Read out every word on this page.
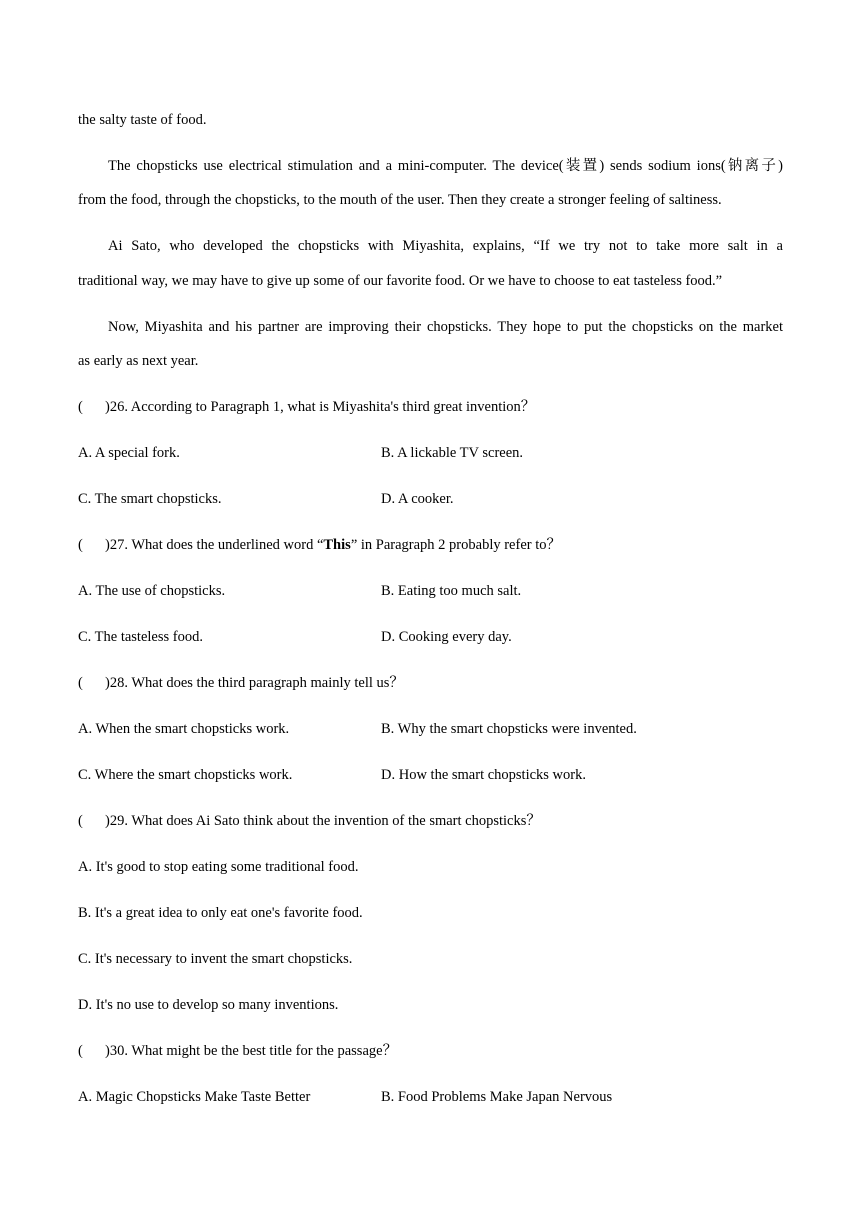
the salty taste of food.
The chopsticks use electrical stimulation and a mini-computer. The device(装置) sends sodium ions(钠离子)
from the food, through the chopsticks, to the mouth of the user. Then they create a stronger feeling of saltiness.
Ai Sato, who developed the chopsticks with Miyashita, explains, “If we try not to take more salt in a
traditional way, we may have to give up some of our favorite food. Or we have to choose to eat tasteless food.”
Now, Miyashita and his partner are improving their chopsticks. They hope to put the chopsticks on the market
as early as next year.
( )26. According to Paragraph 1, what is Miyashita's third great invention？
A. A special fork.	B. A lickable TV screen.
C. The smart chopsticks.	D. A cooker.
( )27. What does the underlined word “This” in Paragraph 2 probably refer to？
A. The use of chopsticks.	B. Eating too much salt.
C. The tasteless food.	D. Cooking every day.
( )28. What does the third paragraph mainly tell us？
A. When the smart chopsticks work.	B. Why the smart chopsticks were invented.
C. Where the smart chopsticks work.	D. How the smart chopsticks work.
( )29. What does Ai Sato think about the invention of the smart chopsticks？
A. It's good to stop eating some traditional food.
B. It's a great idea to only eat one's favorite food.
C. It's necessary to invent the smart chopsticks.
D. It's no use to develop so many inventions.
( )30. What might be the best title for the passage？
A. Magic Chopsticks Make Taste Better	B. Food Problems Make Japan Nervous
